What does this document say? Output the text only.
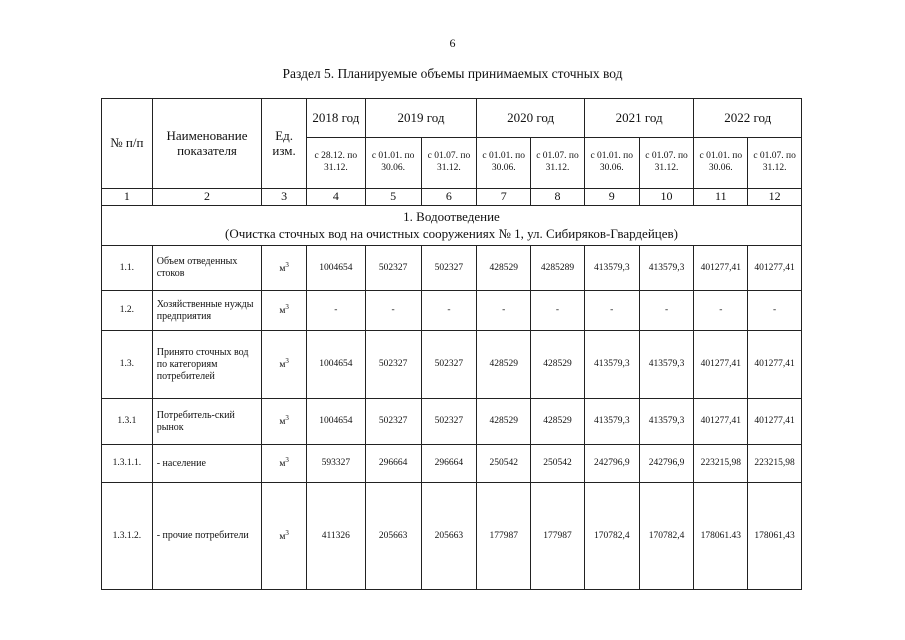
6
Раздел 5. Планируемые объемы принимаемых сточных вод
№ п/п	Наименование показателя	Ед. изм.	2018 год	2019 год		2020 год		2021 год		2022 год	
			с 28.12. по 31.12.	с 01.01. по 30.06.	с 01.07. по 31.12.	с 01.01. по 30.06.	с 01.07. по 31.12.	с 01.01. по 30.06.	с 01.07. по 31.12.	с 01.01. по 30.06.	с 01.07. по 31.12.
1	2	3	4	5	6	7	8	9	10	11	12

1. Водоотведение
(Очистка сточных вод на очистных сооружениях № 1, ул. Сибиряков-Гвардейцев)											

1.1.	Объем отведенных стоков	$м^3$	1004654	502327	502327	428529	4285289	413579,3	413579,3	401277,41	401277,41
1.2.	Хозяйственные нужды предприятия	$м^3$	-	-	-	-	-	-	-	-	-
1.3.	Принято сточных вод по категориям потребителей	$м^3$	1004654	502327	502327	428529	428529	413579,3	413579,3	401277,41	401277,41
1.3.1	Потребитель-ский рынок	$м^3$	1004654	502327	502327	428529	428529	413579,3	413579,3	401277,41	401277,41
1.3.1.1.	- население	$м^3$	593327	296664	296664	250542	250542	242796,9	242796,9	223215,98	223215,98
1.3.1.2.	- прочие потребители	$м^3$	411326	205663	205663	177987	177987	170782,4	170782,4	178061.43	178061,43
